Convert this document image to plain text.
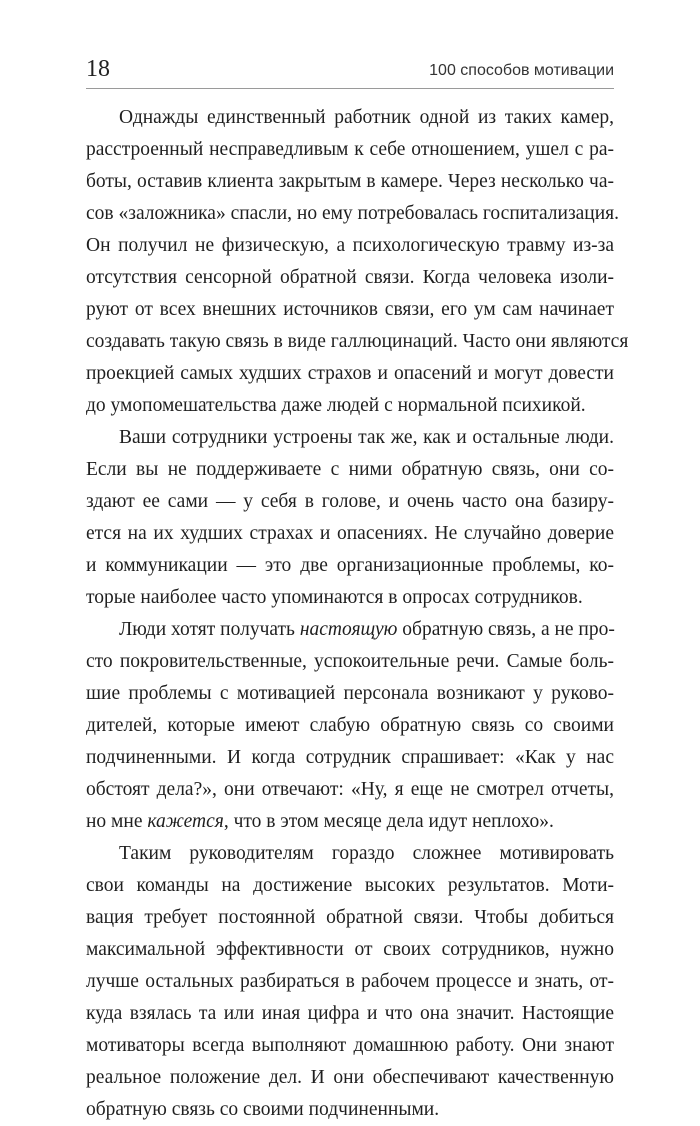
18	100 способов мотивации
Однажды единственный работник одной из таких камер,
расстроенный несправедливым к себе отношением, ушел с ра-
боты, оставив клиента закрытым в камере. Через несколько ча-
сов «заложника» спасли, но ему потребовалась госпитализация.
Он получил не физическую, а психологическую травму из-за
отсутствия сенсорной обратной связи. Когда человека изоли-
руют от всех внешних источников связи, его ум сам начинает
создавать такую связь в виде галлюцинаций. Часто они являются
проекцией самых худших страхов и опасений и могут довести
до умопомешательства даже людей с нормальной психикой.
Ваши сотрудники устроены так же, как и остальные люди.
Если вы не поддерживаете с ними обратную связь, они со-
здают ее сами — у себя в голове, и очень часто она базиру-
ется на их худших страхах и опасениях. Не случайно доверие
и коммуникации — это две организационные проблемы, ко-
торые наиболее часто упоминаются в опросах сотрудников.
Люди хотят получать настоящую обратную связь, а не про-
сто покровительственные, успокоительные речи. Самые боль-
шие проблемы с мотивацией персонала возникают у руково-
дителей, которые имеют слабую обратную связь со своими
подчиненными. И когда сотрудник спрашивает: «Как у нас
обстоят дела?», они отвечают: «Ну, я еще не смотрел отчеты,
но мне кажется, что в этом месяце дела идут неплохо».
Таким руководителям гораздо сложнее мотивировать
свои команды на достижение высоких результатов. Моти-
вация требует постоянной обратной связи. Чтобы добиться
максимальной эффективности от своих сотрудников, нужно
лучше остальных разбираться в рабочем процессе и знать, от-
куда взялась та или иная цифра и что она значит. Настоящие
мотиваторы всегда выполняют домашнюю работу. Они знают
реальное положение дел. И они обеспечивают качественную
обратную связь со своими подчиненными.
